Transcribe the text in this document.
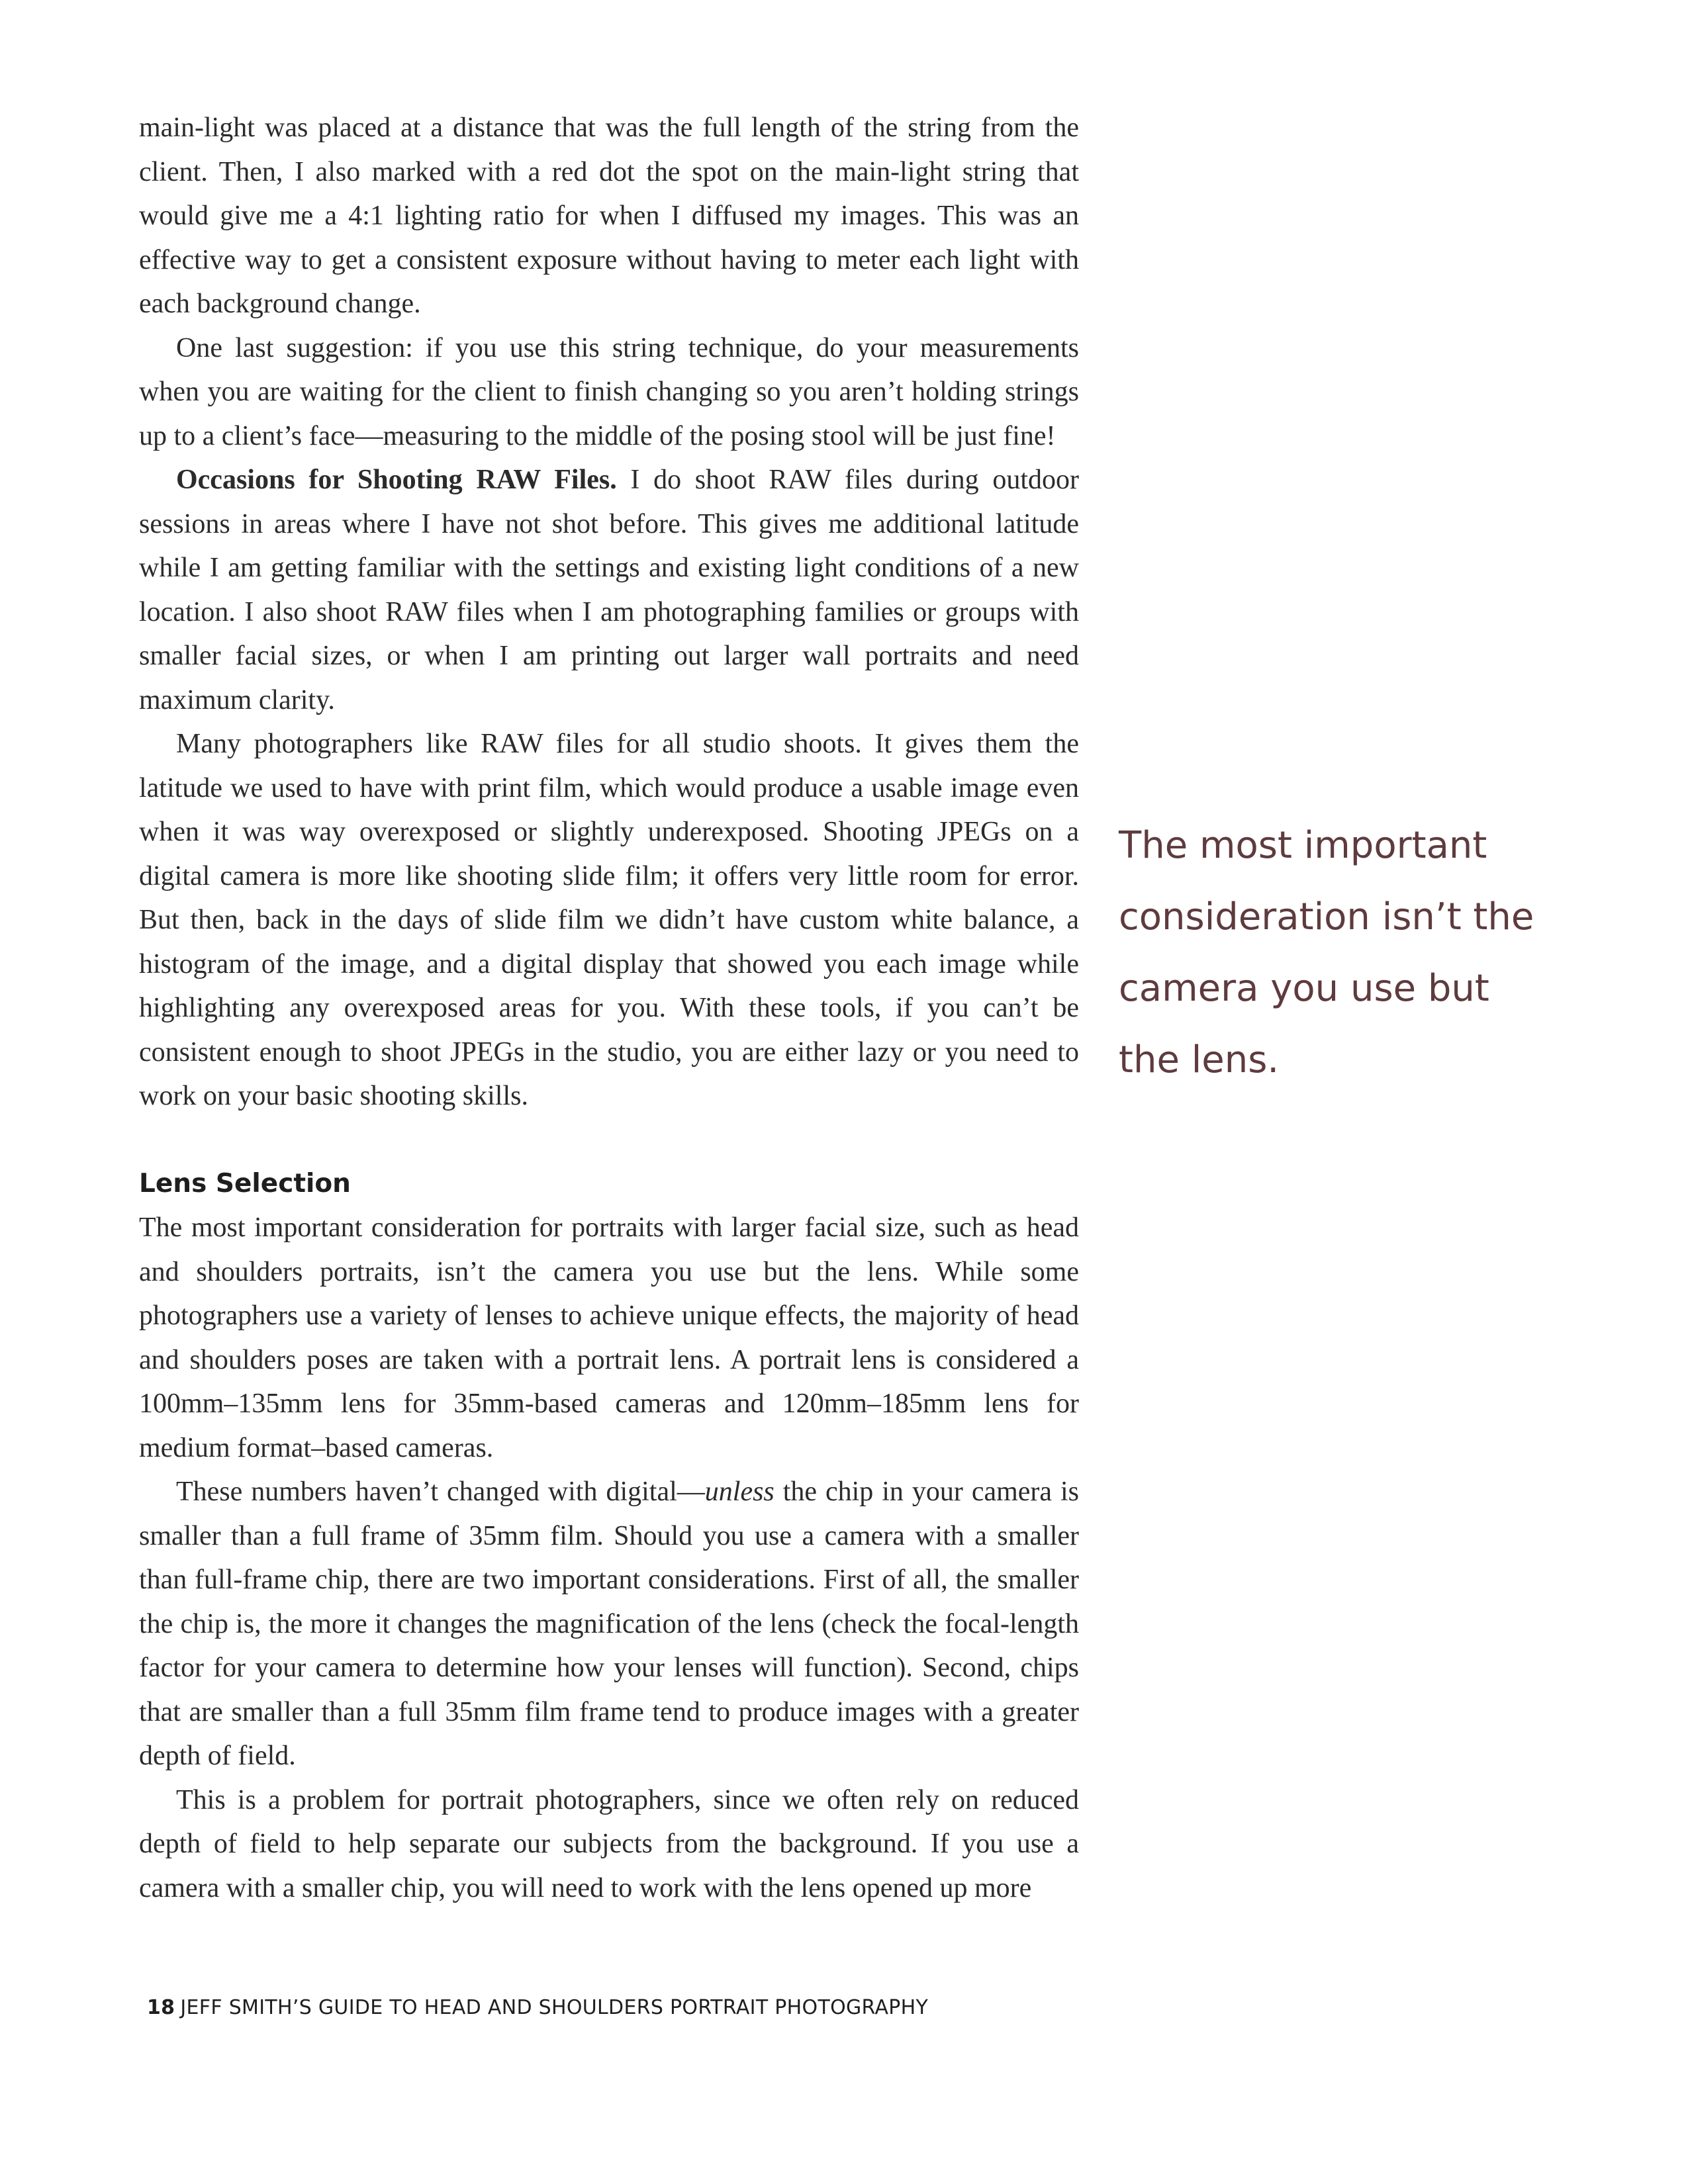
main-light was placed at a distance that was the full length of the string from the client. Then, I also marked with a red dot the spot on the main-light string that would give me a 4:1 lighting ratio for when I diffused my images. This was an effective way to get a consistent exposure without having to meter each light with each background change.

One last suggestion: if you use this string technique, do your measurements when you are waiting for the client to finish changing so you aren’t holding strings up to a client’s face—measuring to the middle of the posing stool will be just fine!

Occasions for Shooting RAW Files. I do shoot RAW files during outdoor sessions in areas where I have not shot before. This gives me additional latitude while I am getting familiar with the settings and existing light conditions of a new location. I also shoot RAW files when I am photographing families or groups with smaller facial sizes, or when I am printing out larger wall portraits and need maximum clarity.

Many photographers like RAW files for all studio shoots. It gives them the latitude we used to have with print film, which would produce a usable image even when it was way overexposed or slightly underexposed. Shooting JPEGs on a digital camera is more like shooting slide film; it offers very little room for error. But then, back in the days of slide film we didn’t have custom white balance, a histogram of the image, and a digital display that showed you each image while highlighting any overexposed areas for you. With these tools, if you can’t be consistent enough to shoot JPEGs in the studio, you are either lazy or you need to work on your basic shooting skills.

Lens Selection

The most important consideration for portraits with larger facial size, such as head and shoulders portraits, isn’t the camera you use but the lens. While some photographers use a variety of lenses to achieve unique effects, the majority of head and shoulders poses are taken with a portrait lens. A portrait lens is considered a 100mm–135mm lens for 35mm-based cameras and 120mm–185mm lens for medium format–based cameras.

These numbers haven’t changed with digital—unless the chip in your camera is smaller than a full frame of 35mm film. Should you use a camera with a smaller than full-frame chip, there are two important considerations. First of all, the smaller the chip is, the more it changes the magnification of the lens (check the focal-length factor for your camera to determine how your lenses will function). Second, chips that are smaller than a full 35mm film frame tend to produce images with a greater depth of field.

This is a problem for portrait photographers, since we often rely on reduced depth of field to help separate our subjects from the background. If you use a camera with a smaller chip, you will need to work with the lens opened up more

The most important consideration isn’t the camera you use but the lens.
18 JEFF SMITH’S GUIDE TO HEAD AND SHOULDERS PORTRAIT PHOTOGRAPHY
